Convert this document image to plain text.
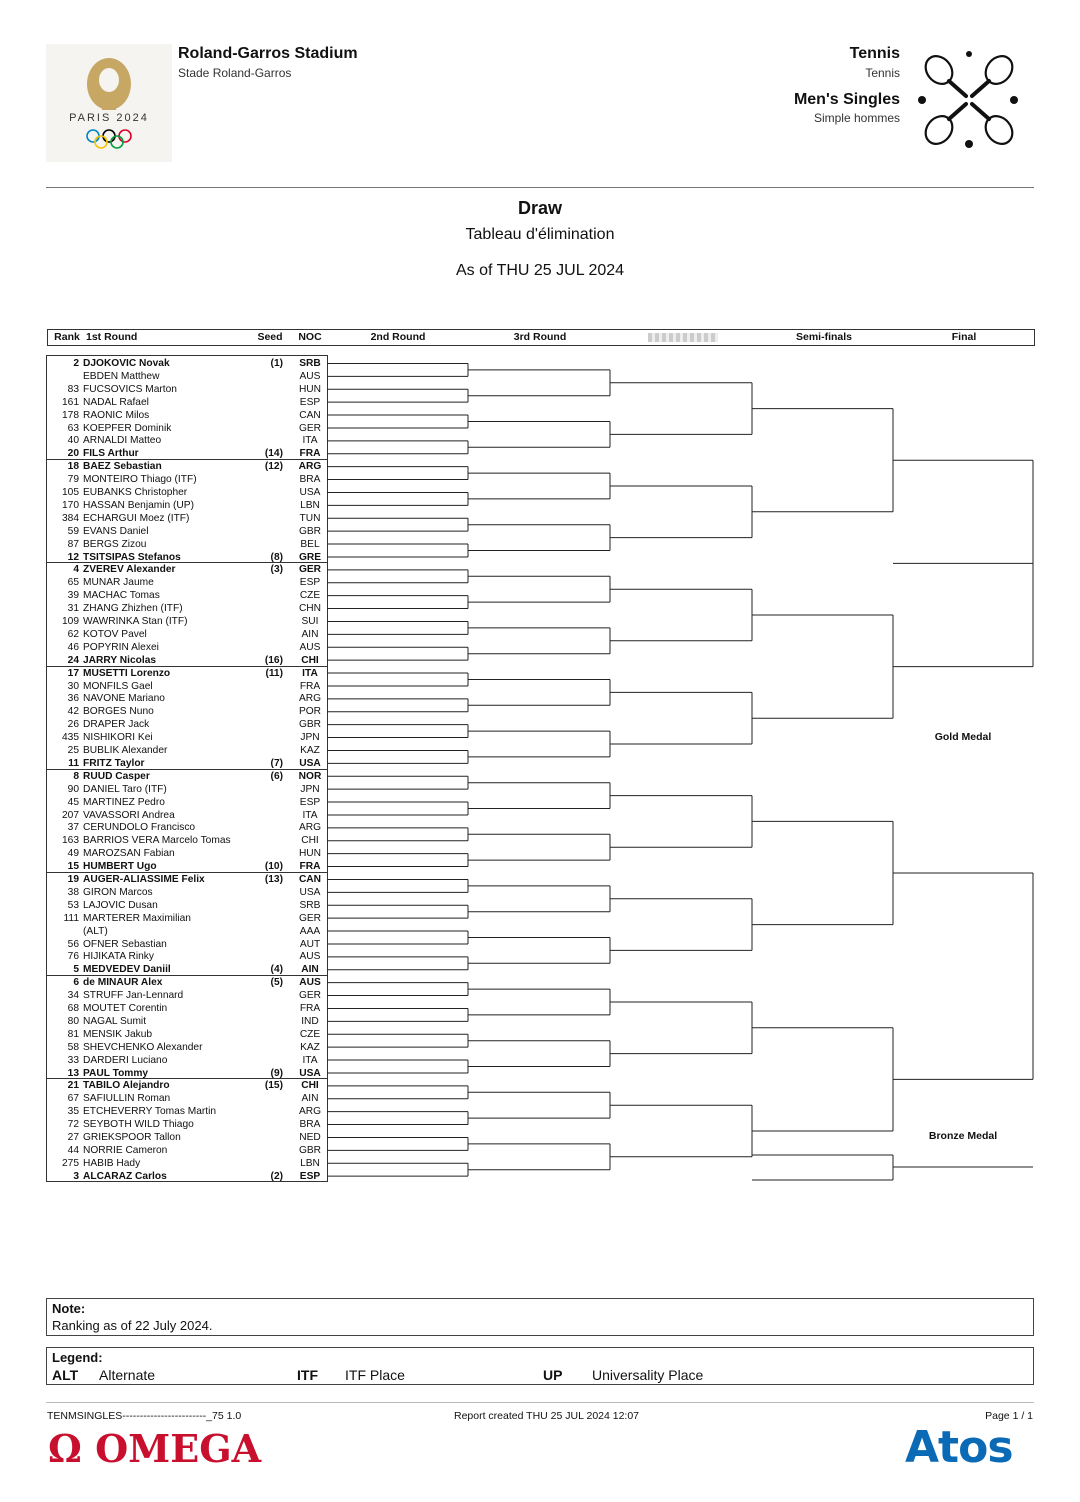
PARIS 2024
Roland-Garros Stadium
Stade Roland-Garros
Tennis
Tennis
Men's Singles
Simple hommes
Draw
Tableau d'élimination
As of THU 25 JUL 2024
Rank 1st Round	Seed	NOC	2nd Round	3rd Round	Semi-finals	Final
2 DJOKOVIC Novak	(1) SRB
EBDEN Matthew	AUS
83 FUCSOVICS Marton	HUN
161 NADAL Rafael	ESP
178 RAONIC Milos	CAN
63 KOEPFER Dominik	GER
40 ARNALDI Matteo	ITA
20 FILS Arthur	(14) FRA
18 BAEZ Sebastian	(12) ARG
79 MONTEIRO Thiago (ITF)	BRA
105 EUBANKS Christopher	USA
170 HASSAN Benjamin (UP)	LBN
384 ECHARGUI Moez (ITF)	TUN
59 EVANS Daniel	GBR
87 BERGS Zizou	BEL
12 TSITSIPAS Stefanos	(8) GRE
4 ZVEREV Alexander	(3) GER
65 MUNAR Jaume	ESP
39 MACHAC Tomas	CZE
31 ZHANG Zhizhen (ITF)	CHN
109 WAWRINKA Stan (ITF)	SUI
62 KOTOV Pavel	AIN
46 POPYRIN Alexei	AUS
24 JARRY Nicolas	(16)	CHI
17 MUSETTI Lorenzo	(11)	ITA
30 MONFILS Gael	FRA
36 NAVONE Mariano	ARG
42 BORGES Nuno	POR
26 DRAPER Jack	GBR
435 NISHIKORI Kei	JPN
25 BUBLIK Alexander	KAZ
11 FRITZ Taylor	(7) USA
8 RUUD Casper	(6) NOR
90 DANIEL Taro (ITF)	JPN
45 MARTINEZ Pedro	ESP
207 VAVASSORI Andrea	ITA
37 CERUNDOLO Francisco	ARG
163 BARRIOS VERA Marcelo Tomas	CHI
49 MAROZSAN Fabian	HUN
15 HUMBERT Ugo	(10) FRA
19 AUGER-ALIASSIME Felix	(13) CAN
38 GIRON Marcos	USA
53 LAJOVIC Dusan	SRB
111 MARTERER Maximilian	GER
(ALT)	AAA
56 OFNER Sebastian	AUT
76 HIJIKATA Rinky	AUS
5 MEDVEDEV Daniil	(4)	AIN
6 de MINAUR Alex	(5) AUS
34 STRUFF Jan-Lennard	GER
68 MOUTET Corentin	FRA
80 NAGAL Sumit	IND
81 MENSIK Jakub	CZE
58 SHEVCHENKO Alexander	KAZ
33 DARDERI Luciano	ITA
13 PAUL Tommy	(9) USA
21 TABILO Alejandro	(15)	CHI
67 SAFIULLIN Roman	AIN
35 ETCHEVERRY Tomas Martin	ARG
72 SEYBOTH WILD Thiago	BRA
27 GRIEKSPOOR Tallon	NED
44 NORRIE Cameron	GBR
275 HABIB Hady	LBN
3 ALCARAZ Carlos	(2) ESP
Gold Medal
Bronze Medal
Note:
Ranking as of 22 July 2024.
Legend:
ALT Alternate	ITF ITF Place	UP Universality Place
TENMSINGLES------------------------_75 1.0	Report created THU 25 JUL 2024 12:07	Page 1 / 1
Ω OMEGA	Atos
